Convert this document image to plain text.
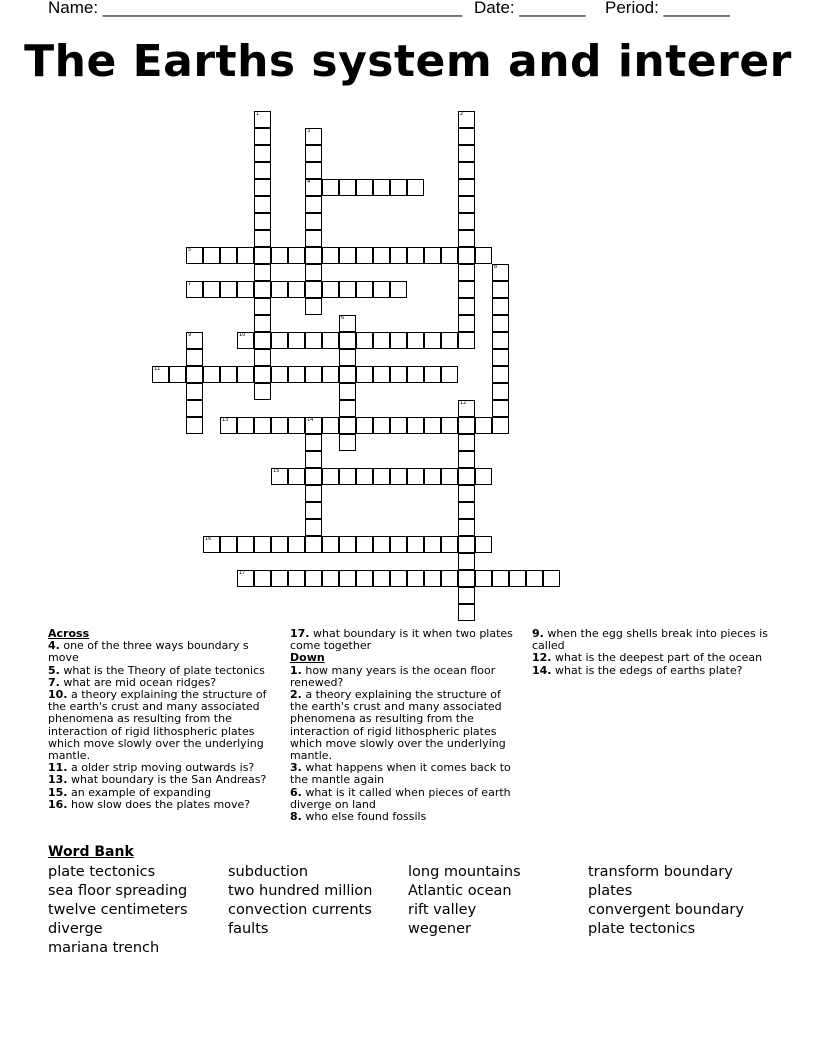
Name: ______________________________________ Date: _______ Period: _______
The Earths system and interer
1	2
3
4
5
6
7
8
9	10
11
12
13	14
15
16
17
Across
4. one of the three ways boundary s move
5. what is the Theory of plate tectonics
7. what are mid ocean ridges?
10. a theory explaining the structure of the earth's crust and many associated phenomena as resulting from the interaction of rigid lithospheric plates which move slowly over the underlying mantle.
11. a older strip moving outwards is?
13. what boundary is the San Andreas?
15. an example of expanding
16. how slow does the plates move?
17. what boundary is it when two plates come together
Down
1. how many years is the ocean floor renewed?
2. a theory explaining the structure of the earth's crust and many associated phenomena as resulting from the interaction of rigid lithospheric plates which move slowly over the underlying mantle.
3. what happens when it comes back to the mantle again
6. what is it called when pieces of earth diverge on land
8. who else found fossils
9. when the egg shells break into pieces is called
12. what is the deepest part of the ocean
14. what is the edegs of earths plate?
Word Bank
plate tectonics
sea floor spreading
twelve centimeters
diverge
mariana trench
subduction
two hundred million
convection currents
faults
long mountains
Atlantic ocean
rift valley
wegener
transform boundary
plates
convergent boundary
plate tectonics
